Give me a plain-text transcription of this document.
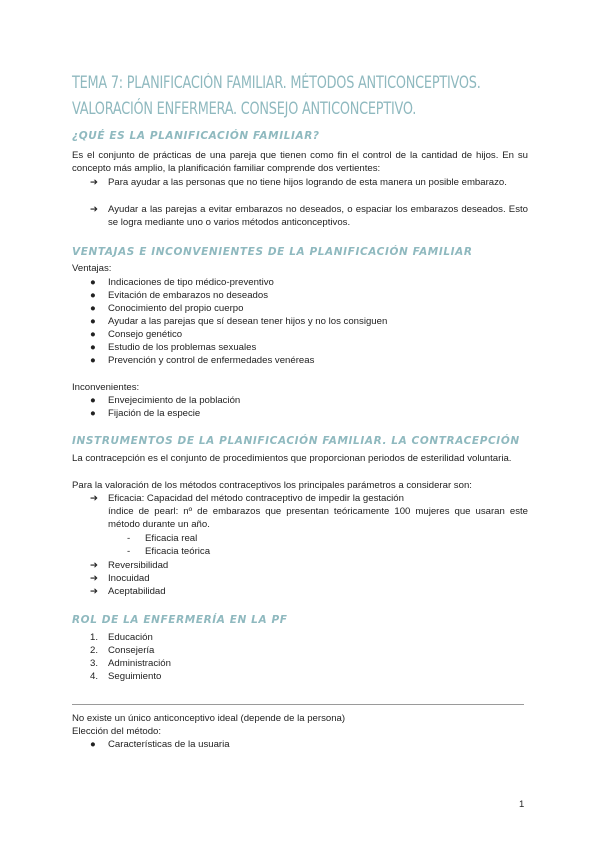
TEMA 7: PLANIFICACIÓN FAMILIAR. MÉTODOS ANTICONCEPTIVOS. VALORACIÓN ENFERMERA. CONSEJO ANTICONCEPTIVO.
¿QUÉ ES LA PLANIFICACIÓN FAMILIAR?

Es el conjunto de prácticas de una pareja que tienen como fin el control de la cantidad de hijos. En su concepto más amplio, la planificación familiar comprende dos vertientes:

➔ Para ayudar a las personas que no tiene hijos logrando de esta manera un posible embarazo.
➔ Ayudar a las parejas a evitar embarazos no deseados, o espaciar los embarazos deseados. Esto se logra mediante uno o varios métodos anticonceptivos.
VENTAJAS E INCONVENIENTES DE LA PLANIFICACIÓN FAMILIAR
Ventajas:
● Indicaciones de tipo médico-preventivo
● Evitación de embarazos no deseados
● Conocimiento del propio cuerpo
● Ayudar a las parejas que sí desean tener hijos y no los consiguen
● Consejo genético
● Estudio de los problemas sexuales
● Prevención y control de enfermedades venéreas
Inconvenientes:
● Envejecimiento de la población
● Fijación de la especie
INSTRUMENTOS DE LA PLANIFICACIÓN FAMILIAR. LA CONTRACEPCIÓN

La contracepción es el conjunto de procedimientos que proporcionan periodos de esterilidad voluntaria.

Para la valoración de los métodos contraceptivos los principales parámetros a considerar son:
➔ Eficacia: Capacidad del método contraceptivo de impedir la gestación

índice de pearl: nº de embarazos que presentan teóricamente 100 mujeres que usaran este método durante un año.

- Eficacia real
- Eficacia teórica
➔ Reversibilidad
➔ Inocuidad
➔ Aceptabilidad
ROL DE LA ENFERMERÍA EN LA PF
1. Educación
2. Consejería
3. Administración
4. Seguimiento
No existe un único anticonceptivo ideal (depende de la persona)
Elección del método:
● Características de la usuaria
1
